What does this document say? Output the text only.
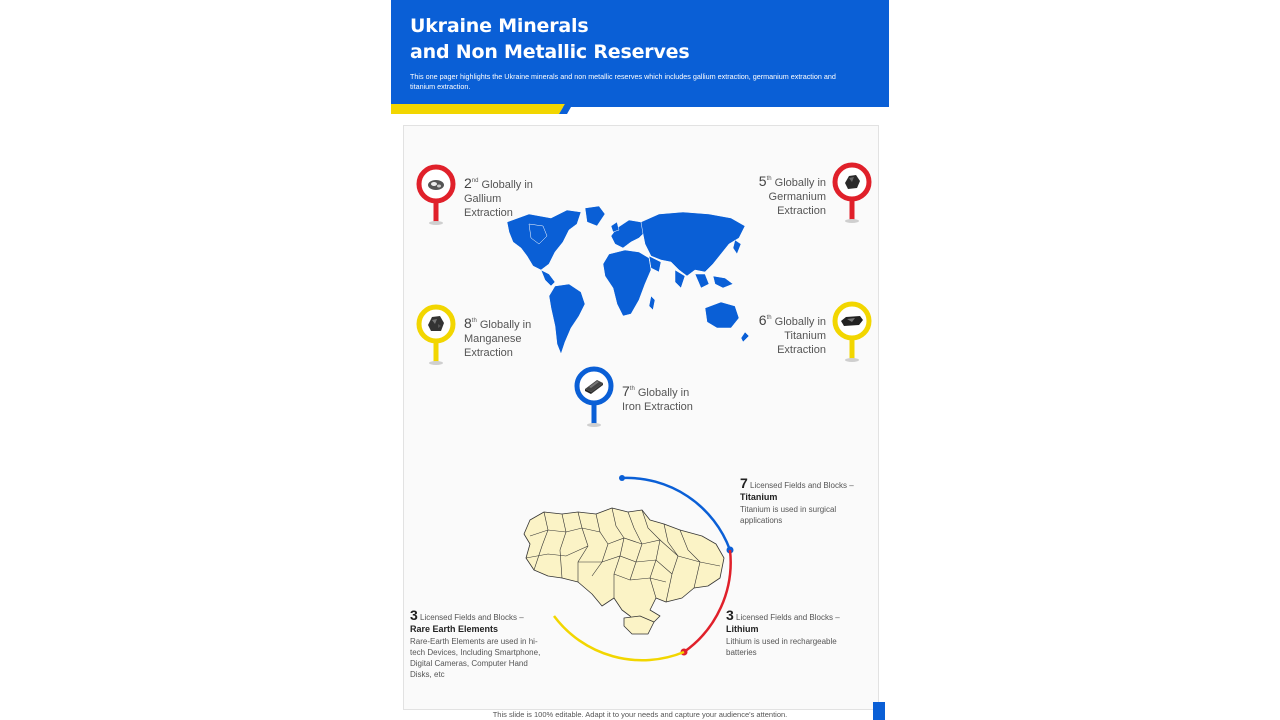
Ukraine Minerals
and Non Metallic Reserves

This one pager highlights the Ukraine minerals and non metallic reserves which includes gallium extraction, germanium extraction and titanium extraction.

2nd Globally in
Gallium
Extraction
5th Globally in
Germanium
Extraction
8th Globally in
Manganese
Extraction
6th Globally in
Titanium
Extraction
7th Globally in
Iron Extraction
7 Licensed Fields and Blocks –
Titanium
Titanium is used in surgical applications
3 Licensed Fields and Blocks –
Lithium
Lithium is used in rechargeable batteries
3 Licensed Fields and Blocks –
Rare Earth Elements
Rare-Earth Elements are used in hi-tech Devices, Including Smartphone, Digital Cameras, Computer Hand Disks, etc
This slide is 100% editable. Adapt it to your needs and capture your audience's attention.
